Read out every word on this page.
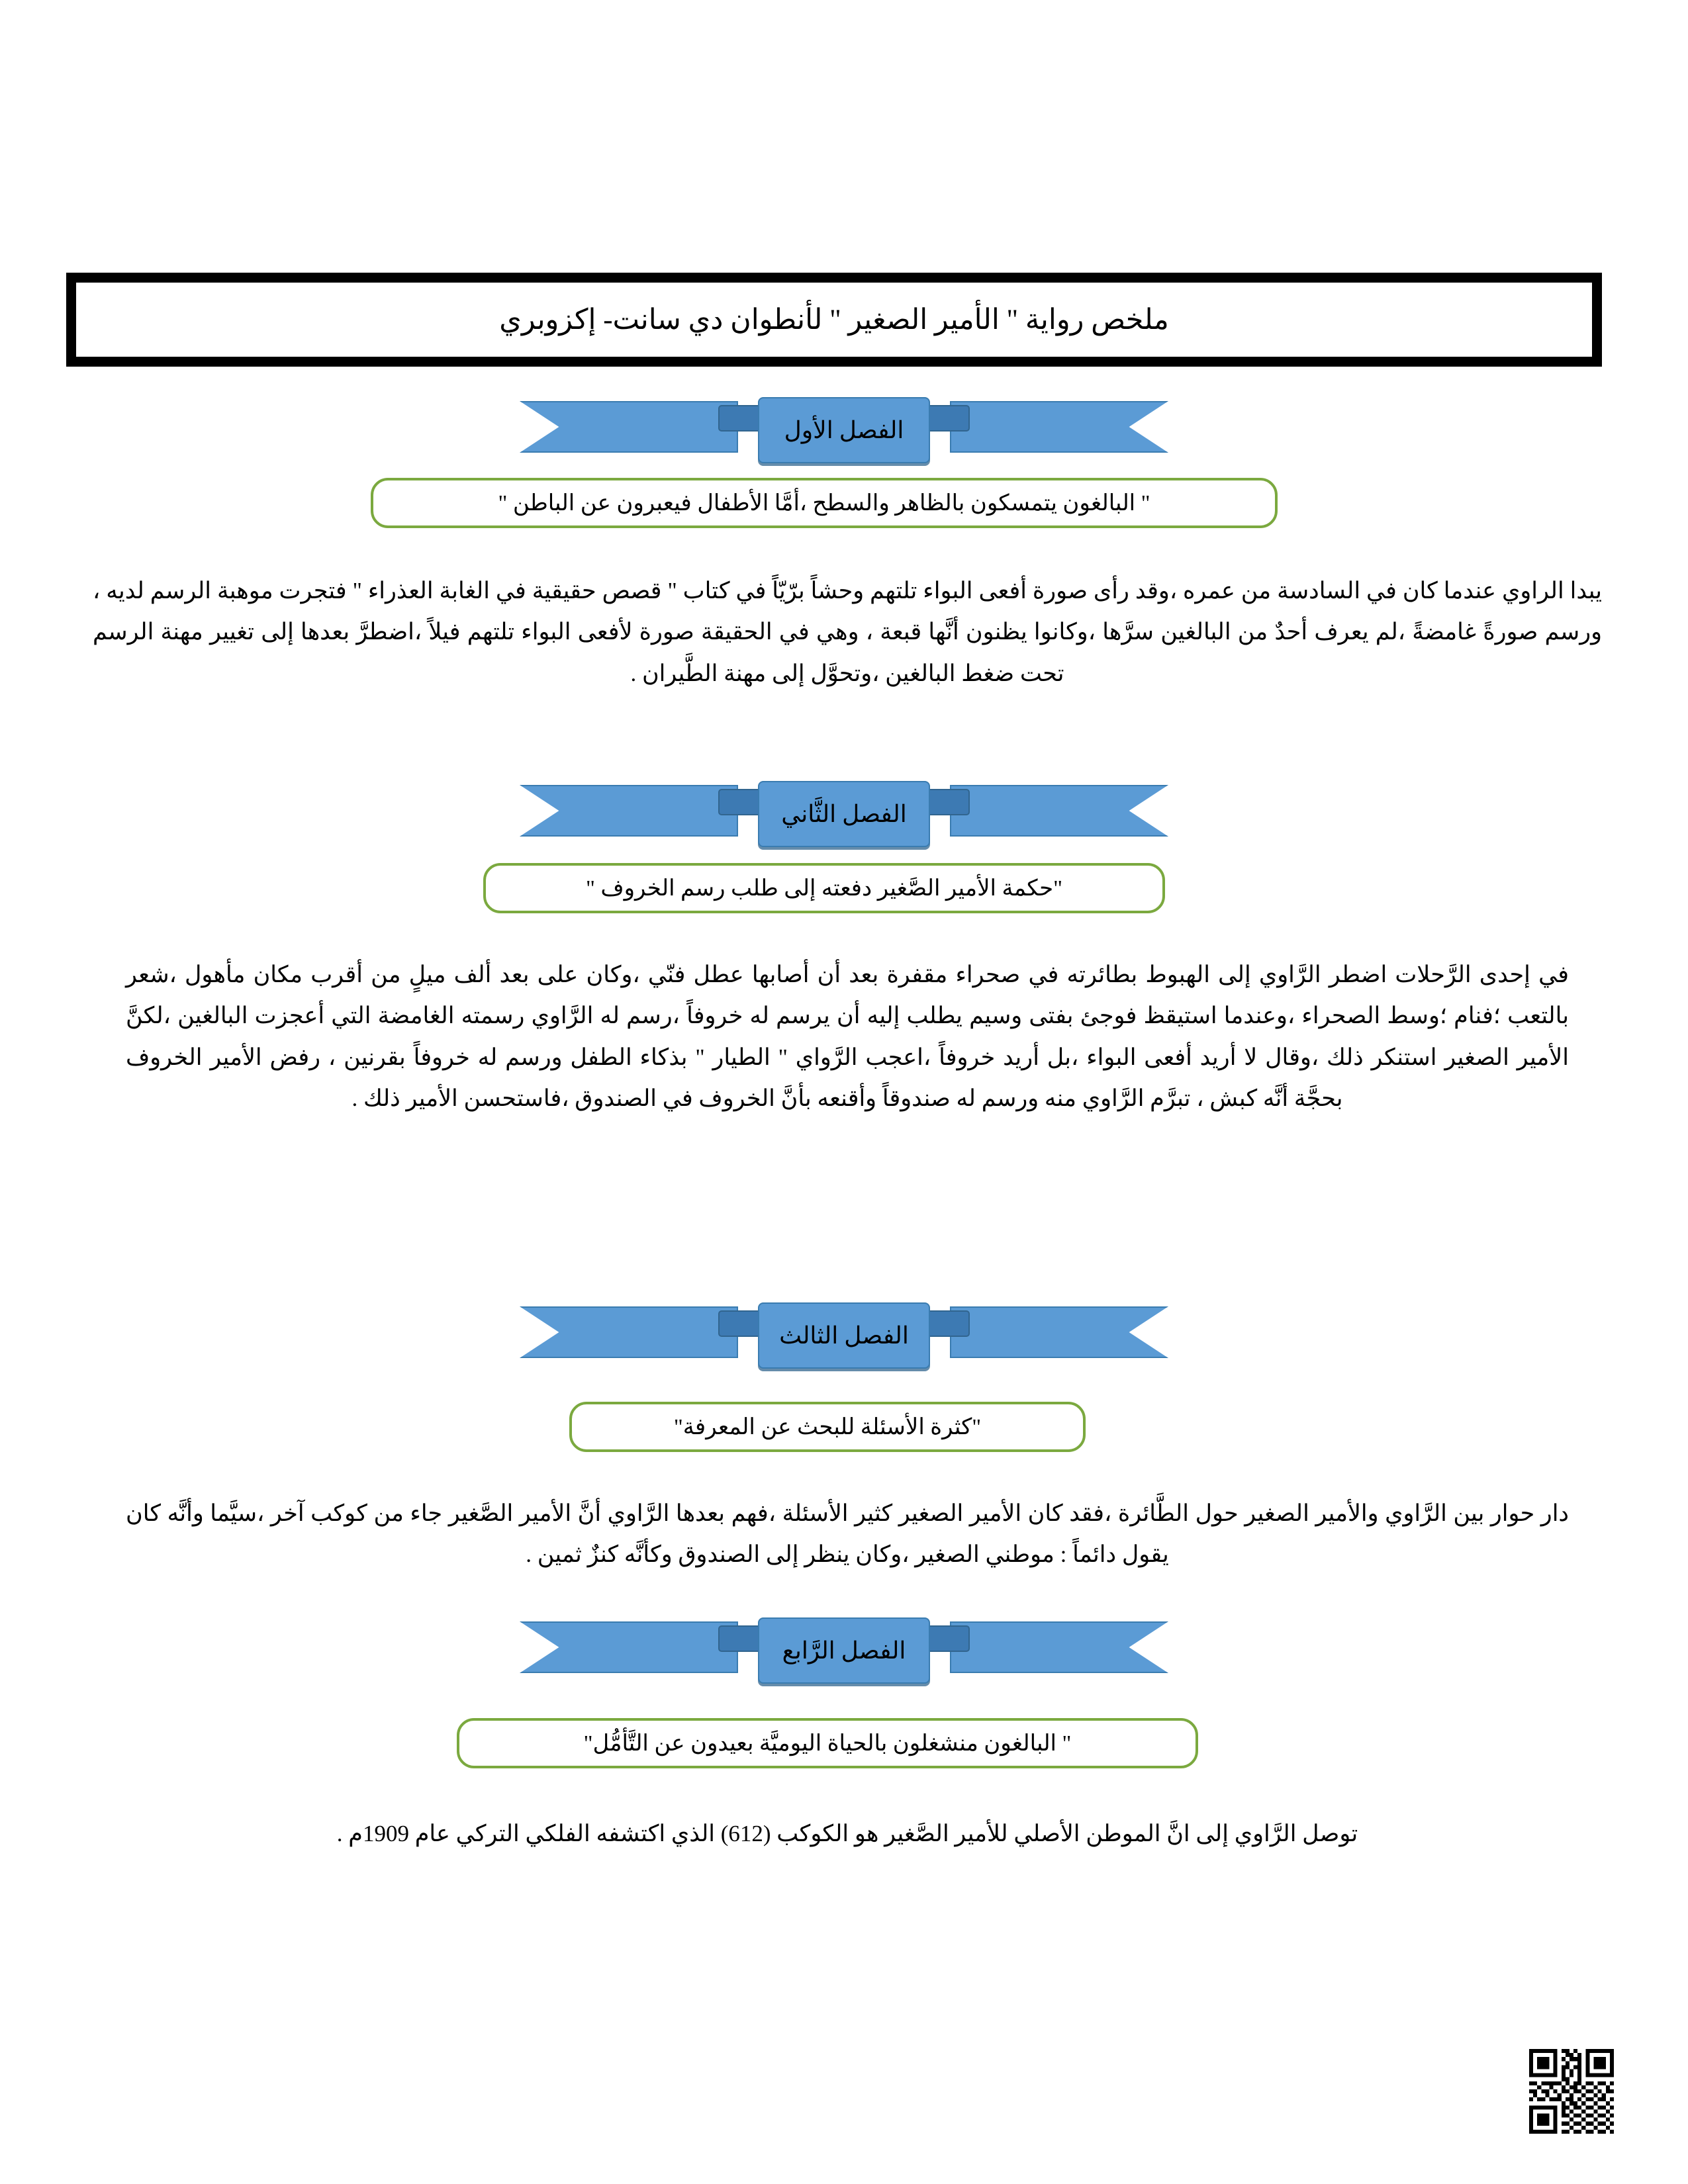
ملخص رواية " الأمير الصغير " لأنطوان دي سانت- إكزوبري
الفصل الأول
" البالغون يتمسكون بالظاهر والسطح ،أمَّا الأطفال فيعبرون عن الباطن "
يبدا الراوي عندما كان في السادسة من عمره ،وقد رأى صورة أفعى البواء تلتهم وحشاً برّيّاً في كتاب " قصص حقيقية في الغابة العذراء " فتجرت موهبة الرسم لديه ، ورسم صورةً غامضةً ،لم يعرف أحدٌ من البالغين سرَّها ،وكانوا يظنون أنَّها قبعة ، وهي في الحقيقة صورة لأفعى البواء تلتهم فيلاً ،اضطرَّ بعدها إلى تغيير مهنة الرسم تحت ضغط البالغين ،وتحوَّل إلى مهنة الطَّيران .
الفصل الثَّاني
"حكمة الأمير الصَّغير دفعته إلى طلب رسم الخروف "
في إحدى الرَّحلات اضطر الرَّاوي إلى الهبوط بطائرته في صحراء مقفرة بعد أن أصابها عطل فنّي ،وكان على بعد ألف ميلٍ من أقرب مكان مأهول ،شعر بالتعب ؛فنام ؛وسط الصحراء ،وعندما استيقظ فوجئ بفتى وسيم يطلب إليه أن يرسم له خروفاً ،رسم له الرَّاوي رسمته الغامضة التي أعجزت البالغين ،لكنَّ الأمير الصغير استنكر ذلك ،وقال لا أريد أفعى البواء ،بل أريد خروفاً ،اعجب الرَّواي " الطيار " بذكاء الطفل ورسم له خروفاً بقرنين ، رفض الأمير الخروف بحجَّة أنَّه كبش ، تبرَّم الرَّاوي منه ورسم له صندوقاً وأقنعه بأنَّ الخروف في الصندوق ،فاستحسن الأمير ذلك .
الفصل الثالث
"كثرة الأسئلة للبحث عن المعرفة"
دار حوار بين الرَّاوي والأمير الصغير حول الطَّائرة ،فقد كان الأمير الصغير كثير الأسئلة ،فهم بعدها الرَّاوي أنَّ الأمير الصَّغير جاء من كوكب آخر ،سيَّما وأنَّه كان يقول دائماً : موطني الصغير ،وكان ينظر إلى الصندوق وكأنَّه كنزٌ ثمين .
الفصل الرَّابع
" البالغون منشغلون بالحياة اليوميَّة بعيدون عن التَّأمُّل"
توصل الرَّاوي إلى انَّ الموطن الأصلي للأمير الصَّغير هو الكوكب (612) الذي اكتشفه الفلكي التركي عام 1909م .
